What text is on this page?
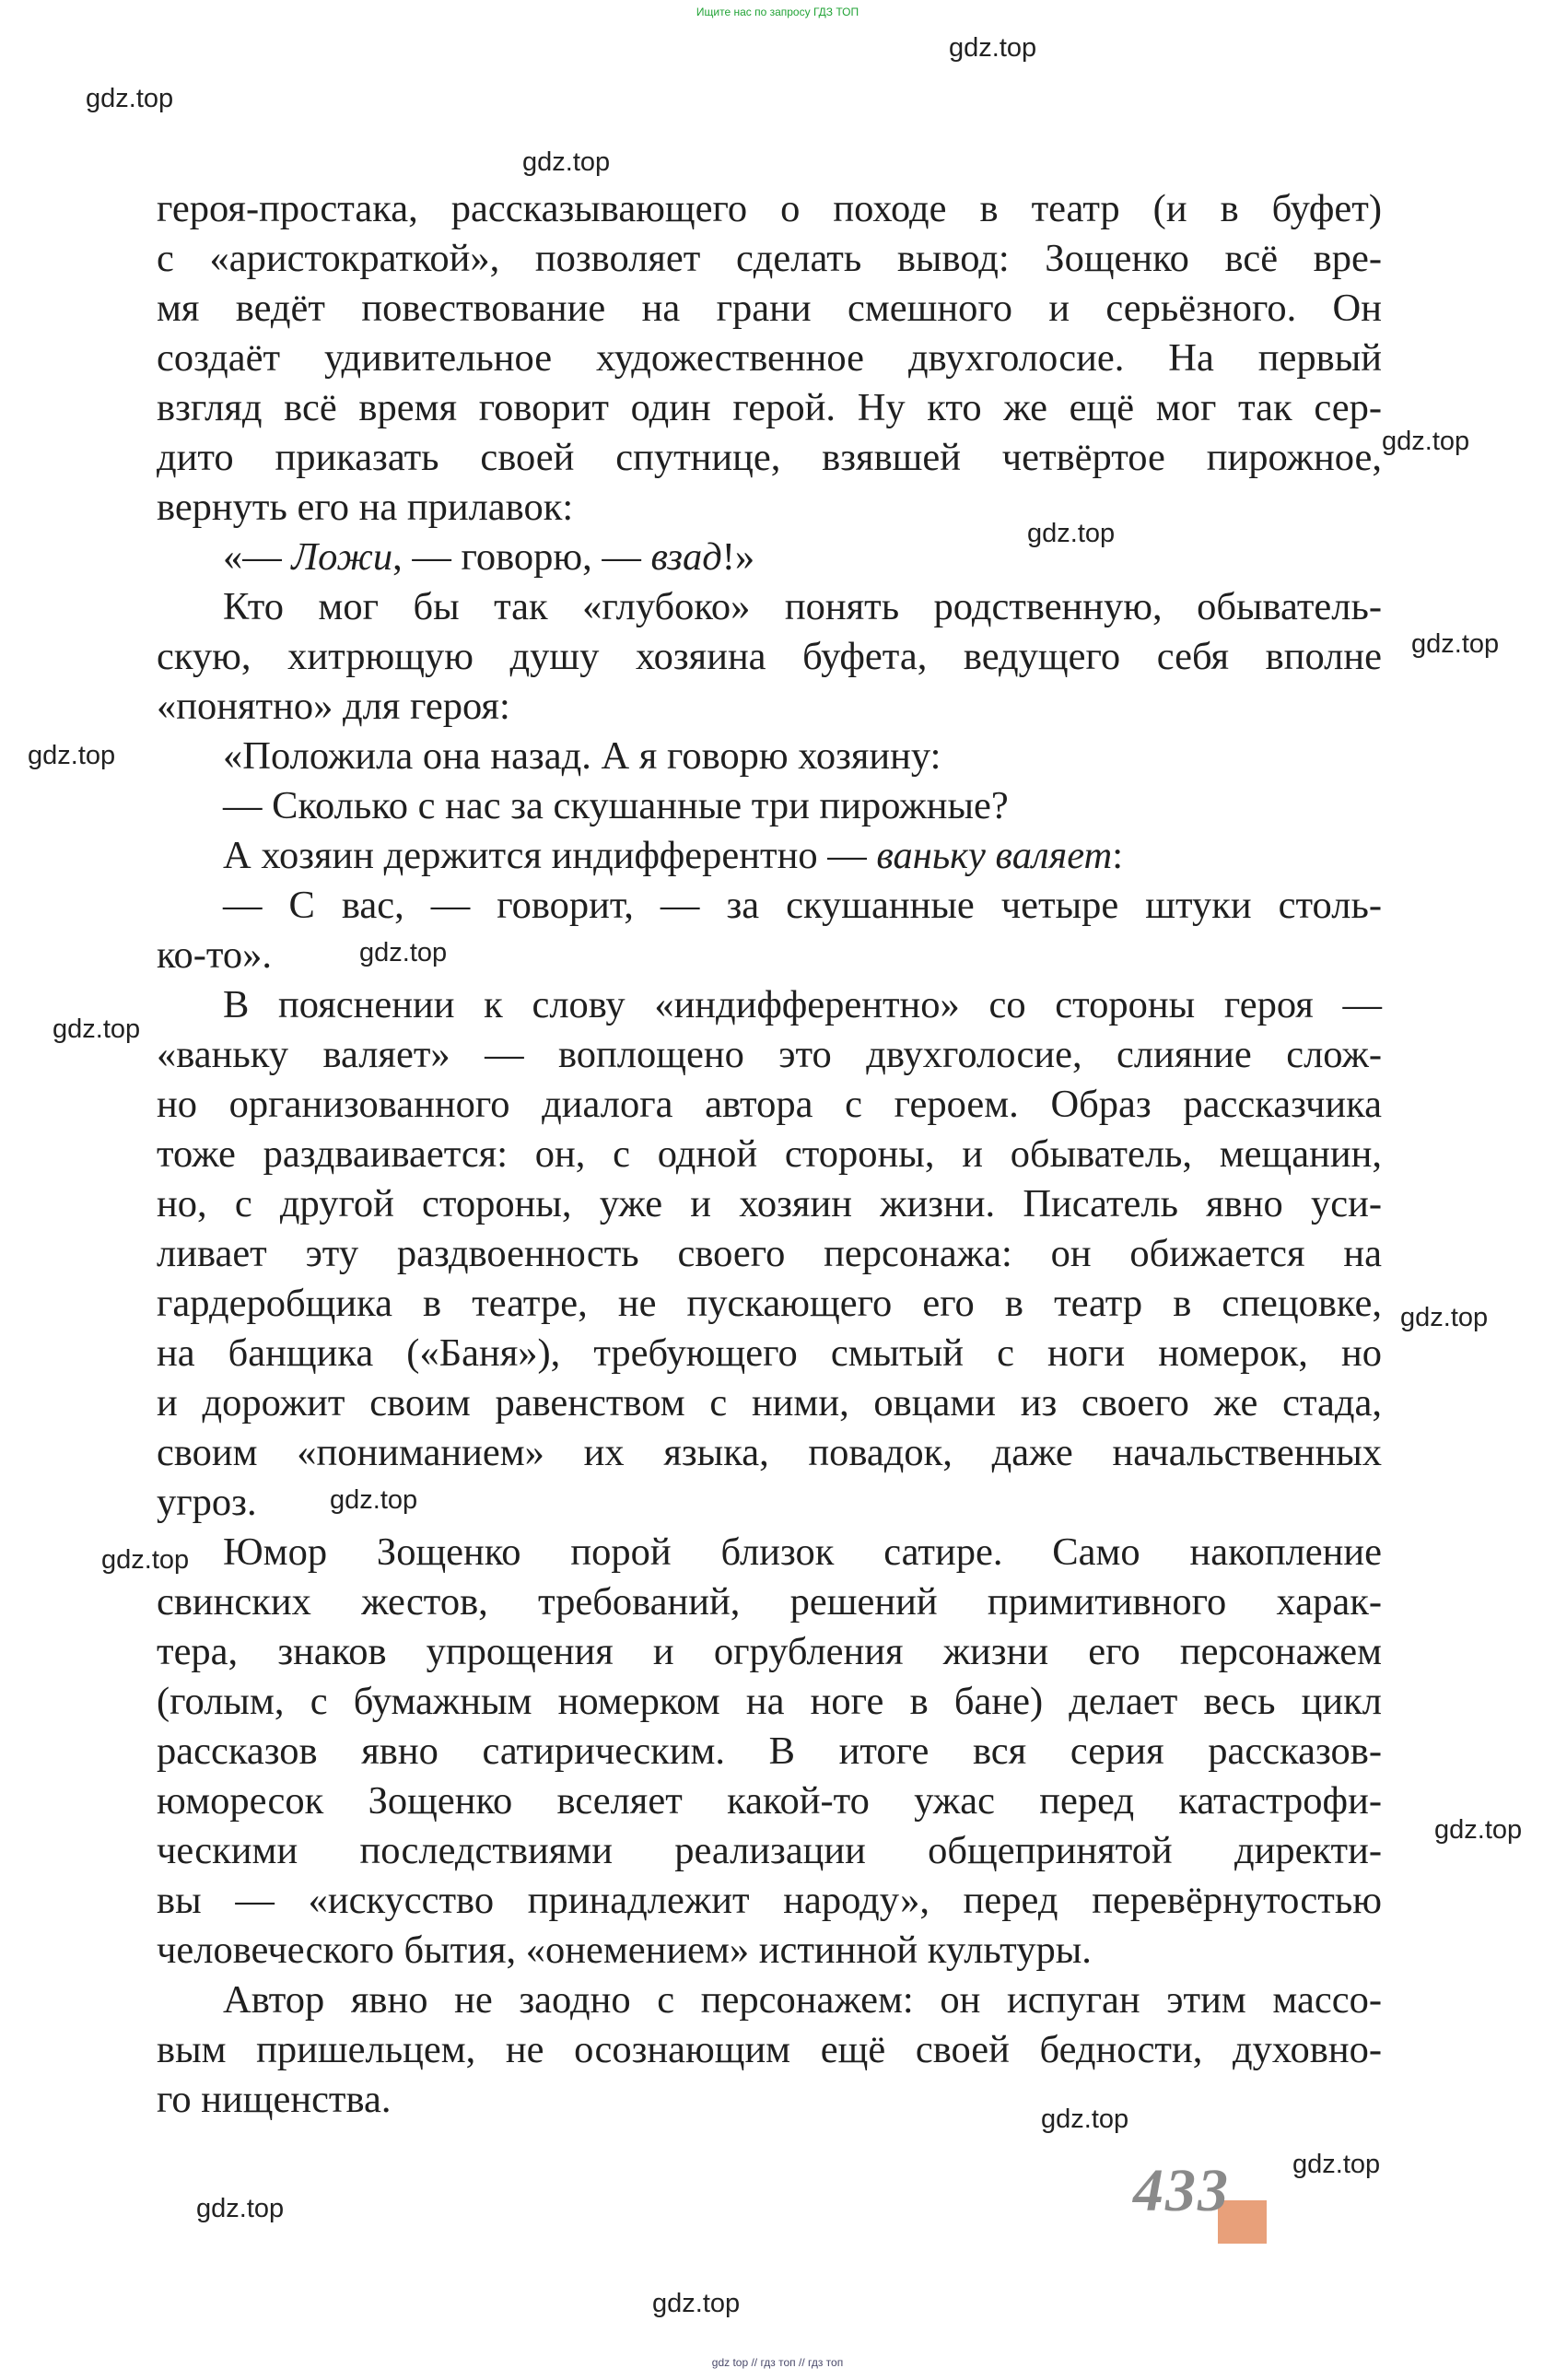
Ищите нас по запросу ГДЗ ТОП
героя-простака, рассказывающего о походе в театр (и в буфет)
с «аристократкой», позволяет сделать вывод: Зощенко всё вре-
мя ведёт повествование на грани смешного и серьёзного. Он
создаёт удивительное художественное двухголосие. На первый
взгляд всё время говорит один герой. Ну кто же ещё мог так сер-
дито приказать своей спутнице, взявшей четвёртое пирожное,
вернуть его на прилавок:
«— Ложи, — говорю, — взад!»
Кто мог бы так «глубоко» понять родственную, обыватель-
скую, хитрющую душу хозяина буфета, ведущего себя вполне
«понятно» для героя:
«Положила она назад. А я говорю хозяину:
— Сколько с нас за скушанные три пирожные?
А хозяин держится индифферентно — ваньку валяет:
— С вас, — говорит, — за скушанные четыре штуки столь-
ко-то».
В пояснении к слову «индифферентно» со стороны героя —
«ваньку валяет» — воплощено это двухголосие, слияние слож-
но организованного диалога автора с героем. Образ рассказчика
тоже раздваивается: он, с одной стороны, и обыватель, мещанин,
но, с другой стороны, уже и хозяин жизни. Писатель явно уси-
ливает эту раздвоенность своего персонажа: он обижается на
гардеробщика в театре, не пускающего его в театр в спецовке,
на банщика («Баня»), требующего смытый с ноги номерок, но
и дорожит своим равенством с ними, овцами из своего же стада,
своим «пониманием» их языка, повадок, даже начальственных
угроз.
Юмор Зощенко порой близок сатире. Само накопление
свинских жестов, требований, решений примитивного харак-
тера, знаков упрощения и огрубления жизни его персонажем
(голым, с бумажным номерком на ноге в бане) делает весь цикл
рассказов явно сатирическим. В итоге вся серия рассказов-
юморесок Зощенко вселяет какой-то ужас перед катастрофи-
ческими последствиями реализации общепринятой директи-
вы — «искусство принадлежит народу», перед перевёрнутостью
человеческого бытия, «онемением» истинной культуры.
Автор явно не заодно с персонажем: он испуган этим массо-
вым пришельцем, не осознающим ещё своей бедности, духовно-
го нищенства.
gdz.top
gdz.top
gdz.top
gdz.top
gdz.top
gdz.top
gdz.top
gdz.top
gdz.top
gdz.top
gdz.top
gdz.top
gdz.top
gdz.top
gdz.top
gdz.top
gdz.top
433
gdz top // гдз топ // гдз топ
